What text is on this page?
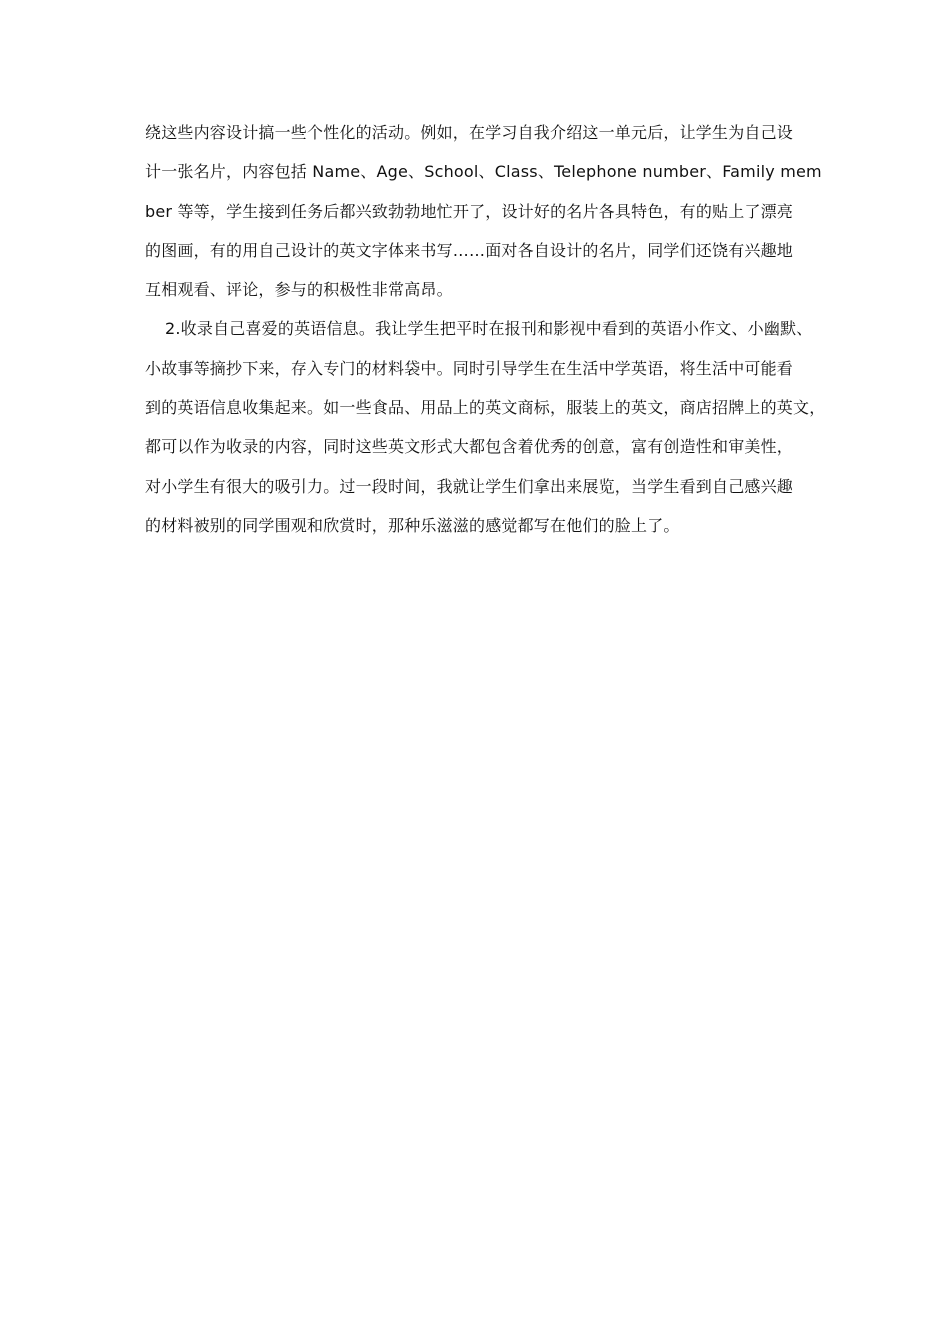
绕这些内容设计搞一些个性化的活动。例如，在学习自我介绍这一单元后，让学生为自己设
计一张名片，内容包括 Name、Age、School、Class、Telephone number、Family mem
ber 等等，学生接到任务后都兴致勃勃地忙开了，设计好的名片各具特色，有的贴上了漂亮
的图画，有的用自己设计的英文字体来书写……面对各自设计的名片，同学们还饶有兴趣地
互相观看、评论，参与的积极性非常高昂。
2.收录自己喜爱的英语信息。我让学生把平时在报刊和影视中看到的英语小作文、小幽默、
小故事等摘抄下来，存入专门的材料袋中。同时引导学生在生活中学英语，将生活中可能看
到的英语信息收集起来。如一些食品、用品上的英文商标，服装上的英文，商店招牌上的英文，
都可以作为收录的内容，同时这些英文形式大都包含着优秀的创意，富有创造性和审美性，
对小学生有很大的吸引力。过一段时间，我就让学生们拿出来展览，当学生看到自己感兴趣
的材料被别的同学围观和欣赏时，那种乐滋滋的感觉都写在他们的脸上了。
